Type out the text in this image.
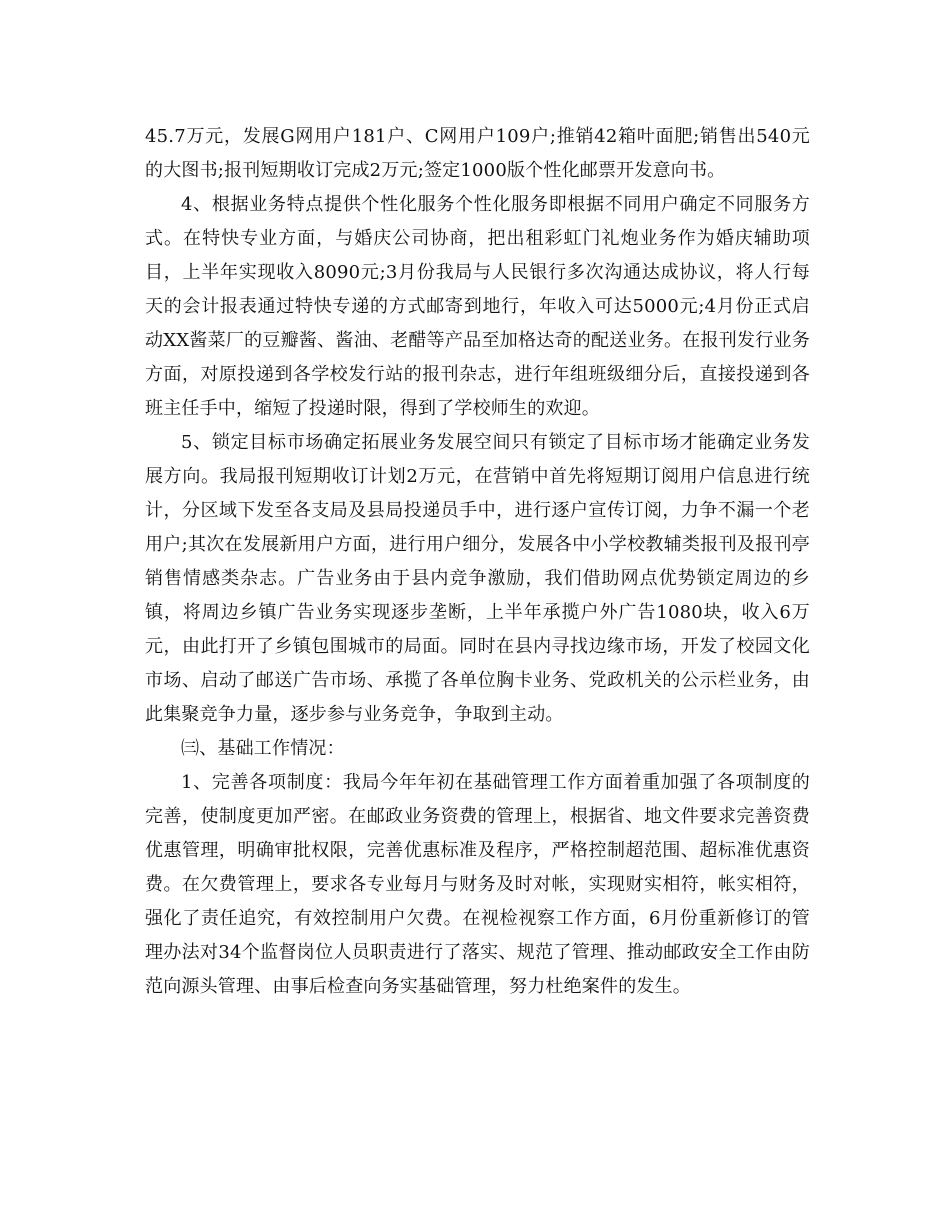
45.7万元，发展G网用户181户、C网用户109户;推销42箱叶面肥;销售出540元的大图书;报刊短期收订完成2万元;签定1000版个性化邮票开发意向书。

4、根据业务特点提供个性化服务个性化服务即根据不同用户确定不同服务方式。在特快专业方面，与婚庆公司协商，把出租彩虹门礼炮业务作为婚庆辅助项目，上半年实现收入8090元;3月份我局与人民银行多次沟通达成协议，将人行每天的会计报表通过特快专递的方式邮寄到地行，年收入可达5000元;4月份正式启动XX酱菜厂的豆瓣酱、酱油、老醋等产品至加格达奇的配送业务。在报刊发行业务方面，对原投递到各学校发行站的报刊杂志，进行年组班级细分后，直接投递到各班主任手中，缩短了投递时限，得到了学校师生的欢迎。

5、锁定目标市场确定拓展业务发展空间只有锁定了目标市场才能确定业务发展方向。我局报刊短期收订计划2万元，在营销中首先将短期订阅用户信息进行统计，分区域下发至各支局及县局投递员手中，进行逐户宣传订阅，力争不漏一个老用户;其次在发展新用户方面，进行用户细分，发展各中小学校教辅类报刊及报刊亭销售情感类杂志。广告业务由于县内竞争激励，我们借助网点优势锁定周边的乡镇，将周边乡镇广告业务实现逐步垄断，上半年承揽户外广告1080块，收入6万元，由此打开了乡镇包围城市的局面。同时在县内寻找边缘市场，开发了校园文化市场、启动了邮送广告市场、承揽了各单位胸卡业务、党政机关的公示栏业务，由此集聚竞争力量，逐步参与业务竞争，争取到主动。

㈢、基础工作情况：

1、完善各项制度：我局今年年初在基础管理工作方面着重加强了各项制度的完善，使制度更加严密。在邮政业务资费的管理上，根据省、地文件要求完善资费优惠管理，明确审批权限，完善优惠标准及程序，严格控制超范围、超标准优惠资费。在欠费管理上，要求各专业每月与财务及时对帐，实现财实相符，帐实相符，强化了责任追究，有效控制用户欠费。在视检视察工作方面，6月份重新修订的管理办法对34个监督岗位人员职责进行了落实、规范了管理、推动邮政安全工作由防范向源头管理、由事后检查向务实基础管理，努力杜绝案件的发生。
